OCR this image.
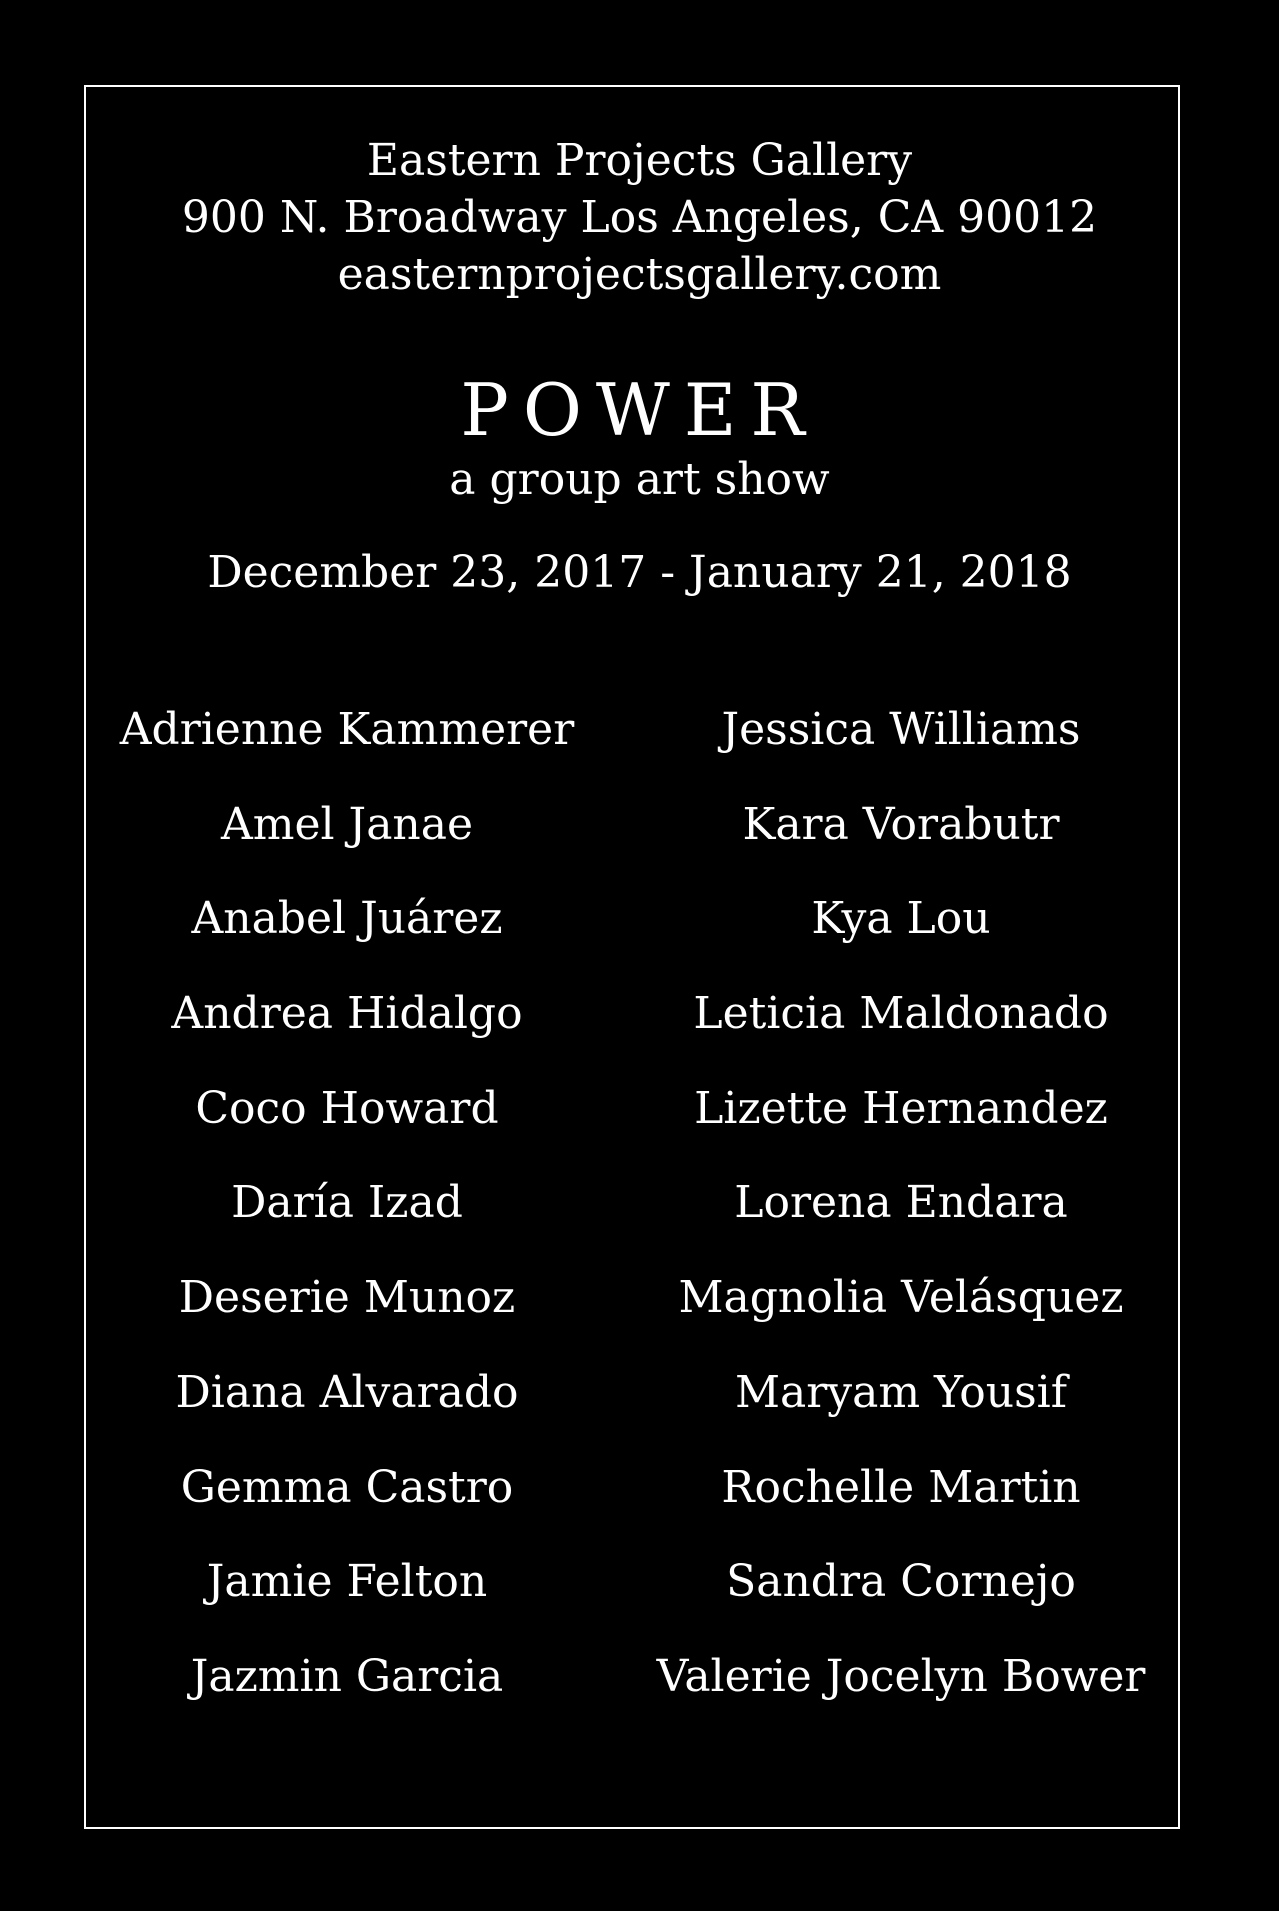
Eastern Projects Gallery
900 N. Broadway Los Angeles, CA 90012
easternprojectsgallery.com
POWER
a group art show
December 23, 2017 - January 21, 2018
Adrienne Kammerer
Amel Janae
Anabel Juárez
Andrea Hidalgo
Coco Howard
Daría Izad
Deserie Munoz
Diana Alvarado
Gemma Castro
Jamie Felton
Jazmin Garcia
Jessica Williams
Kara Vorabutr
Kya Lou
Leticia Maldonado
Lizette Hernandez
Lorena Endara
Magnolia Velásquez
Maryam Yousif
Rochelle Martin
Sandra Cornejo
Valerie Jocelyn Bower
